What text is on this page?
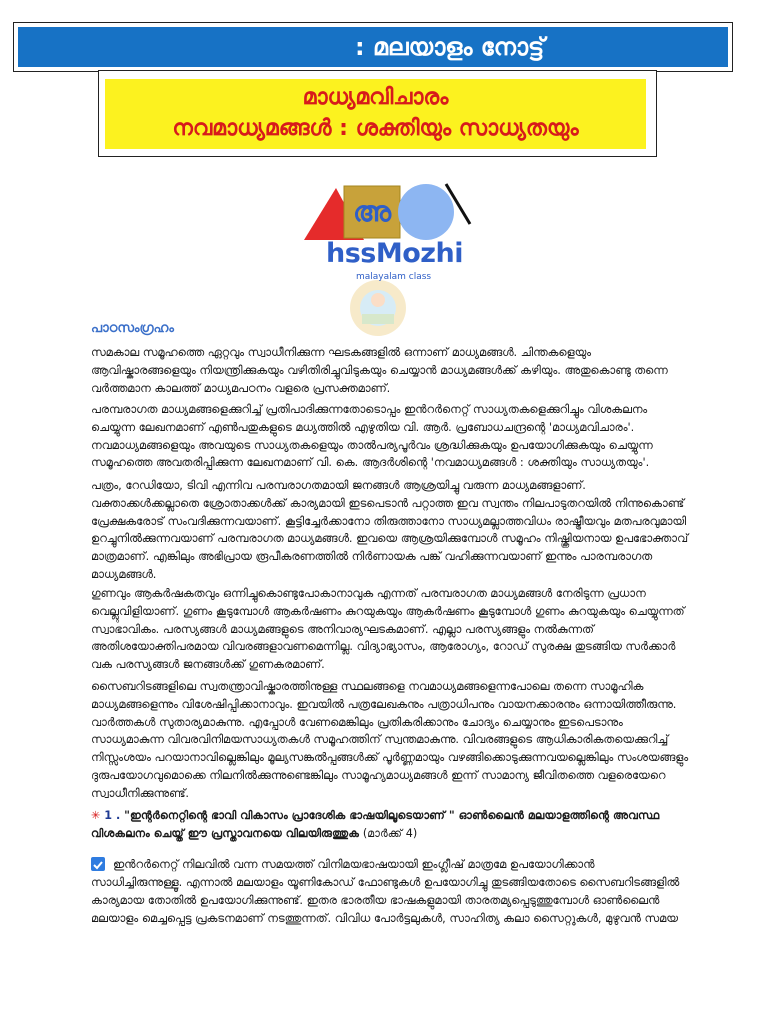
: മലയാളം നോട്ട്
മാധ്യമവിചാരം
നവമാധ്യമങ്ങൾ : ശക്തിയും സാധ്യതയും
അ
hssMozhi
malayalam class
പാഠസംഗ്രഹം

സമകാല സമൂഹത്തെ ഏറ്റവും സ്വാധീനിക്കുന്ന ഘടകങ്ങളിൽ ഒന്നാണ് മാധ്യമങ്ങൾ. ചിന്തകളെയും ആവിഷ്കാരങ്ങളെയും നിയന്ത്രിക്കുകയും വഴിതിരിച്ചുവിടുകയും ചെയ്യാൻ മാധ്യമങ്ങൾക്ക് കഴിയും. അതുകൊണ്ടു തന്നെ വർത്തമാന കാലത്ത് മാധ്യമപഠനം വളരെ പ്രസക്തമാണ്.

പരമ്പരാഗത മാധ്യമങ്ങളെക്കുറിച്ച് പ്രതിപാദിക്കുന്നതോടൊപ്പം ഇൻറർനെറ്റ് സാധ്യതകളെക്കുറിച്ചും വിശകലനം ചെയ്യുന്ന ലേഖനമാണ് എൺപതുകളുടെ മധ്യത്തിൽ എഴുതിയ വി. ആർ. പ്രബോധചന്ദ്രന്റെ 'മാധ്യമവിചാരം'. നവമാധ്യമങ്ങളെയും അവയുടെ സാധ്യതകളെയും താൽപര്യപൂർവം ശ്രദ്ധിക്കുകയും ഉപയോഗിക്കുകയും ചെയ്യുന്ന സമൂഹത്തെ അവതരിപ്പിക്കുന്ന ലേഖനമാണ് വി. കെ. ആദർശിന്റെ 'നവമാധ്യമങ്ങൾ : ശക്തിയും സാധ്യതയും'.

പത്രം, റേഡിയോ, ടിവി എന്നിവ പരമ്പരാഗതമായി ജനങ്ങൾ ആശ്രയിച്ചു വരുന്ന മാധ്യമങ്ങളാണ്. വക്താക്കൾക്കല്ലാതെ ശ്രോതാക്കൾക്ക് കാര്യമായി ഇടപെടാൻ പറ്റാത്ത ഇവ സ്വന്തം നിലപാടുതറയിൽ നിന്നുകൊണ്ട് പ്രേക്ഷകരോട് സംവദിക്കുന്നവയാണ്. കൂട്ടിച്ചേർക്കാനോ തിരുത്താനോ സാധ്യമല്ലാത്തവിധം രാഷ്ട്രീയവും മതപരവുമായി ഉറച്ചുനിൽക്കുന്നവയാണ് പരമ്പരാഗത മാധ്യമങ്ങൾ. ഇവയെ ആശ്രയിക്കുമ്പോൾ സമൂഹം നിഷ്ക്രിയനായ ഉപഭോക്താവ് മാത്രമാണ്. എങ്കിലും അഭിപ്രായ രൂപീകരണത്തിൽ നിർണായക പങ്ക് വഹിക്കുന്നവയാണ് ഇന്നും പാരമ്പരാഗത മാധ്യമങ്ങൾ.

ഗുണവും ആകർഷകതവും ഒന്നിച്ചുകൊണ്ടുപോകാനാവുക എന്നത് പരമ്പരാഗത മാധ്യമങ്ങൾ നേരിടുന്ന പ്രധാന വെല്ലുവിളിയാണ്. ഗുണം കൂടുമ്പോൾ ആകർഷണം കുറയുകയും ആകർഷണം കൂടുമ്പോൾ ഗുണം കുറയുകയും ചെയ്യുന്നത് സ്വാഭാവികം. പരസ്യങ്ങൾ മാധ്യമങ്ങളുടെ അനിവാര്യഘടകമാണ്. എല്ലാ പരസ്യങ്ങളും നൽകുന്നത് അതിശയോക്തിപരമായ വിവരങ്ങളാവണമെന്നില്ല. വിദ്യാഭ്യാസം, ആരോഗ്യം, റോഡ് സുരക്ഷ തുടങ്ങിയ സർക്കാർ വക പരസ്യങ്ങൾ ജനങ്ങൾക്ക് ഗുണകരമാണ്.

സൈബറിടങ്ങളിലെ സ്വതന്ത്രാവിഷ്കാരത്തിനുള്ള സ്ഥലങ്ങളെ നവമാധ്യമങ്ങളെന്നപോലെ തന്നെ സാമൂഹിക മാധ്യമങ്ങളെന്നും വിശേഷിപ്പിക്കാനാവും. ഇവയിൽ പത്രലേഖകനും പത്രാധിപനും വായനക്കാരനും ഒന്നായിത്തീരുന്നു. വാർത്തകൾ സുതാര്യമാകുന്നു. എപ്പോൾ വേണമെങ്കിലും പ്രതികരിക്കാനും ചോദ്യം ചെയ്യാനും ഇടപെടാനും സാധ്യമാകുന്ന വിവരവിനിമയസാധ്യതകൾ സമൂഹത്തിന് സ്വന്തമാകുന്നു. വിവരങ്ങളുടെ ആധികാരികതയെക്കുറിച്ച് നിസ്സംശയം പറയാനാവില്ലെങ്കിലും മൂല്യസങ്കൽപ്പങ്ങൾക്ക് പൂർണ്ണമായും വഴങ്ങിക്കൊടുക്കുന്നവയല്ലെങ്കിലും സംശയങ്ങളും ദുരുപയോഗവുമൊക്കെ നിലനിൽക്കുന്നുണ്ടെങ്കിലും സാമൂഹ്യമാധ്യമങ്ങൾ ഇന്ന് സാമാന്യ ജീവിതത്തെ വളരെയേറെ സ്വാധീനിക്കുന്നുണ്ട്.

✳ 1 . "ഇന്റർനെറ്റിന്റെ ഭാവി വികാസം പ്രാദേശിക ഭാഷയിലൂടെയാണ് " ഓൺലൈൻ മലയാളത്തിന്റെ അവസ്ഥ വിശകലനം ചെയ്ത് ഈ പ്രസ്താവനയെ വിലയിരുത്തുക (മാർക്ക് 4)

ഇൻറർനെറ്റ് നിലവിൽ വന്ന സമയത്ത് വിനിമയഭാഷയായി ഇംഗ്ലീഷ് മാത്രമേ ഉപയോഗിക്കാൻ സാധിച്ചിരുന്നുള്ളൂ. എന്നാൽ മലയാളം യൂണികോഡ് ഫോണ്ടുകൾ ഉപയോഗിച്ചു തുടങ്ങിയതോടെ സൈബറിടങ്ങളിൽ കാര്യമായ തോതിൽ ഉപയോഗിക്കുന്നുണ്ട്. ഇതര ഭാരതീയ ഭാഷകളുമായി താരതമ്യപ്പെടുത്തുമ്പോൾ ഓൺലൈൻ മലയാളം മെച്ചപ്പെട്ട പ്രകടനമാണ് നടത്തുന്നത്. വിവിധ പോർട്ടലുകൾ, സാഹിത്യ കലാ സൈറ്റുകൾ, മുഴുവൻ സമയ
